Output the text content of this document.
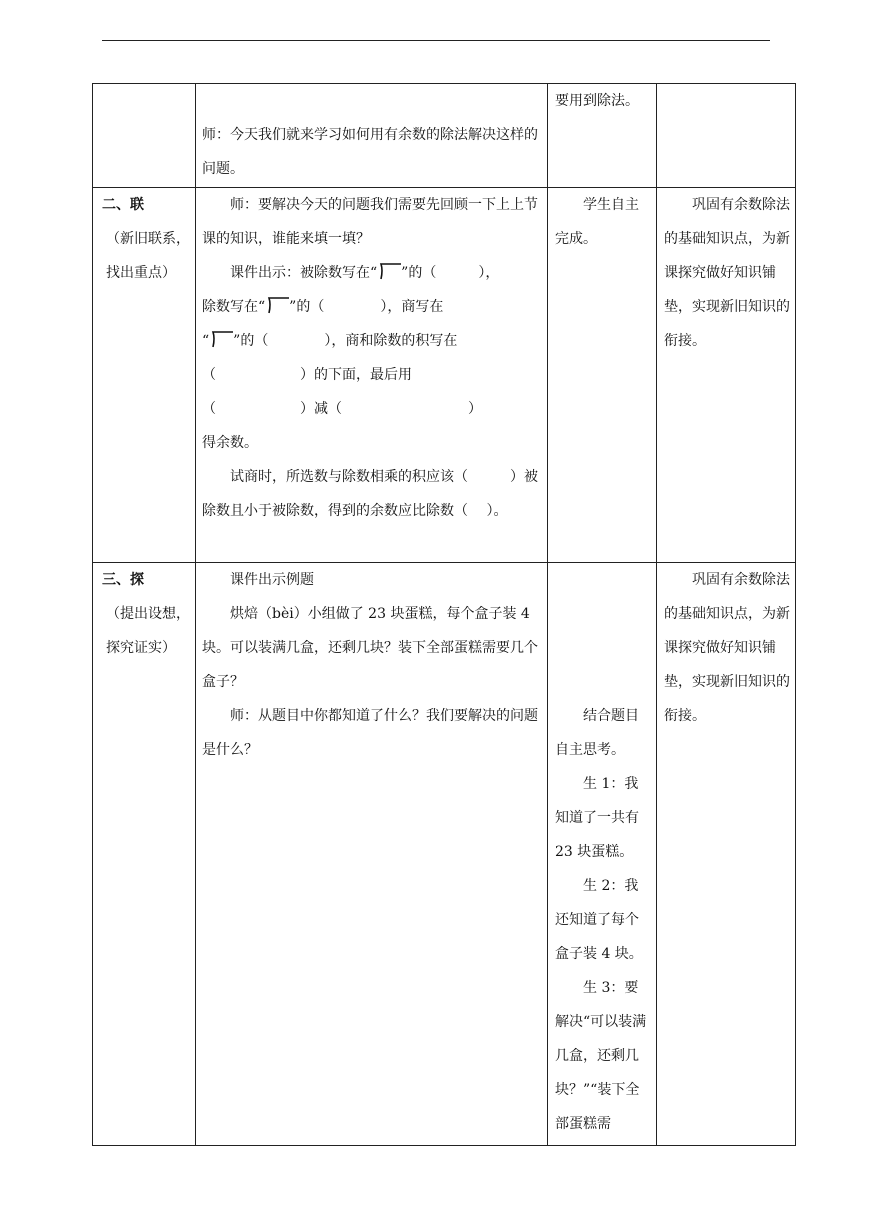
要用到除法。

师：今天我们就来学习如何用有余数的除法解决这样的问题。

二、联

（新旧联系，找出重点）

师：要解决今天的问题我们需要先回顾一下上上节课的知识，谁能来填一填？

课件出示：被除数写在“ ”的（　　　），

除数写在“ ”的（　　　　），商写在

“ ”的（　　　　），商和除数的积写在

（　　　　　　）的下面，最后用

（　　　　　　）减（　　　　　　　　　）

得余数。

试商时，所选数与除数相乘的积应该（　　　）被除数且小于被除数，得到的余数应比除数（　 ）。

学生自主完成。

巩固有余数除法的基础知识点，为新课探究做好知识铺垫，实现新旧知识的衔接。

三、探

（提出设想，探究证实）

课件出示例题

烘焙（bèi）小组做了 23 块蛋糕，每个盒子装 4 块。可以装满几盒，还剩几块？装下全部蛋糕需要几个盒子？

师：从题目中你都知道了什么？我们要解决的问题是什么？

结合题目自主思考。

生 1：我知道了一共有 23 块蛋糕。

生 2：我还知道了每个盒子装 4 块。

生 3：要解决“可以装满几盒，还剩几块？”“装下全部蛋糕需

巩固有余数除法的基础知识点，为新课探究做好知识铺垫，实现新旧知识的衔接。
